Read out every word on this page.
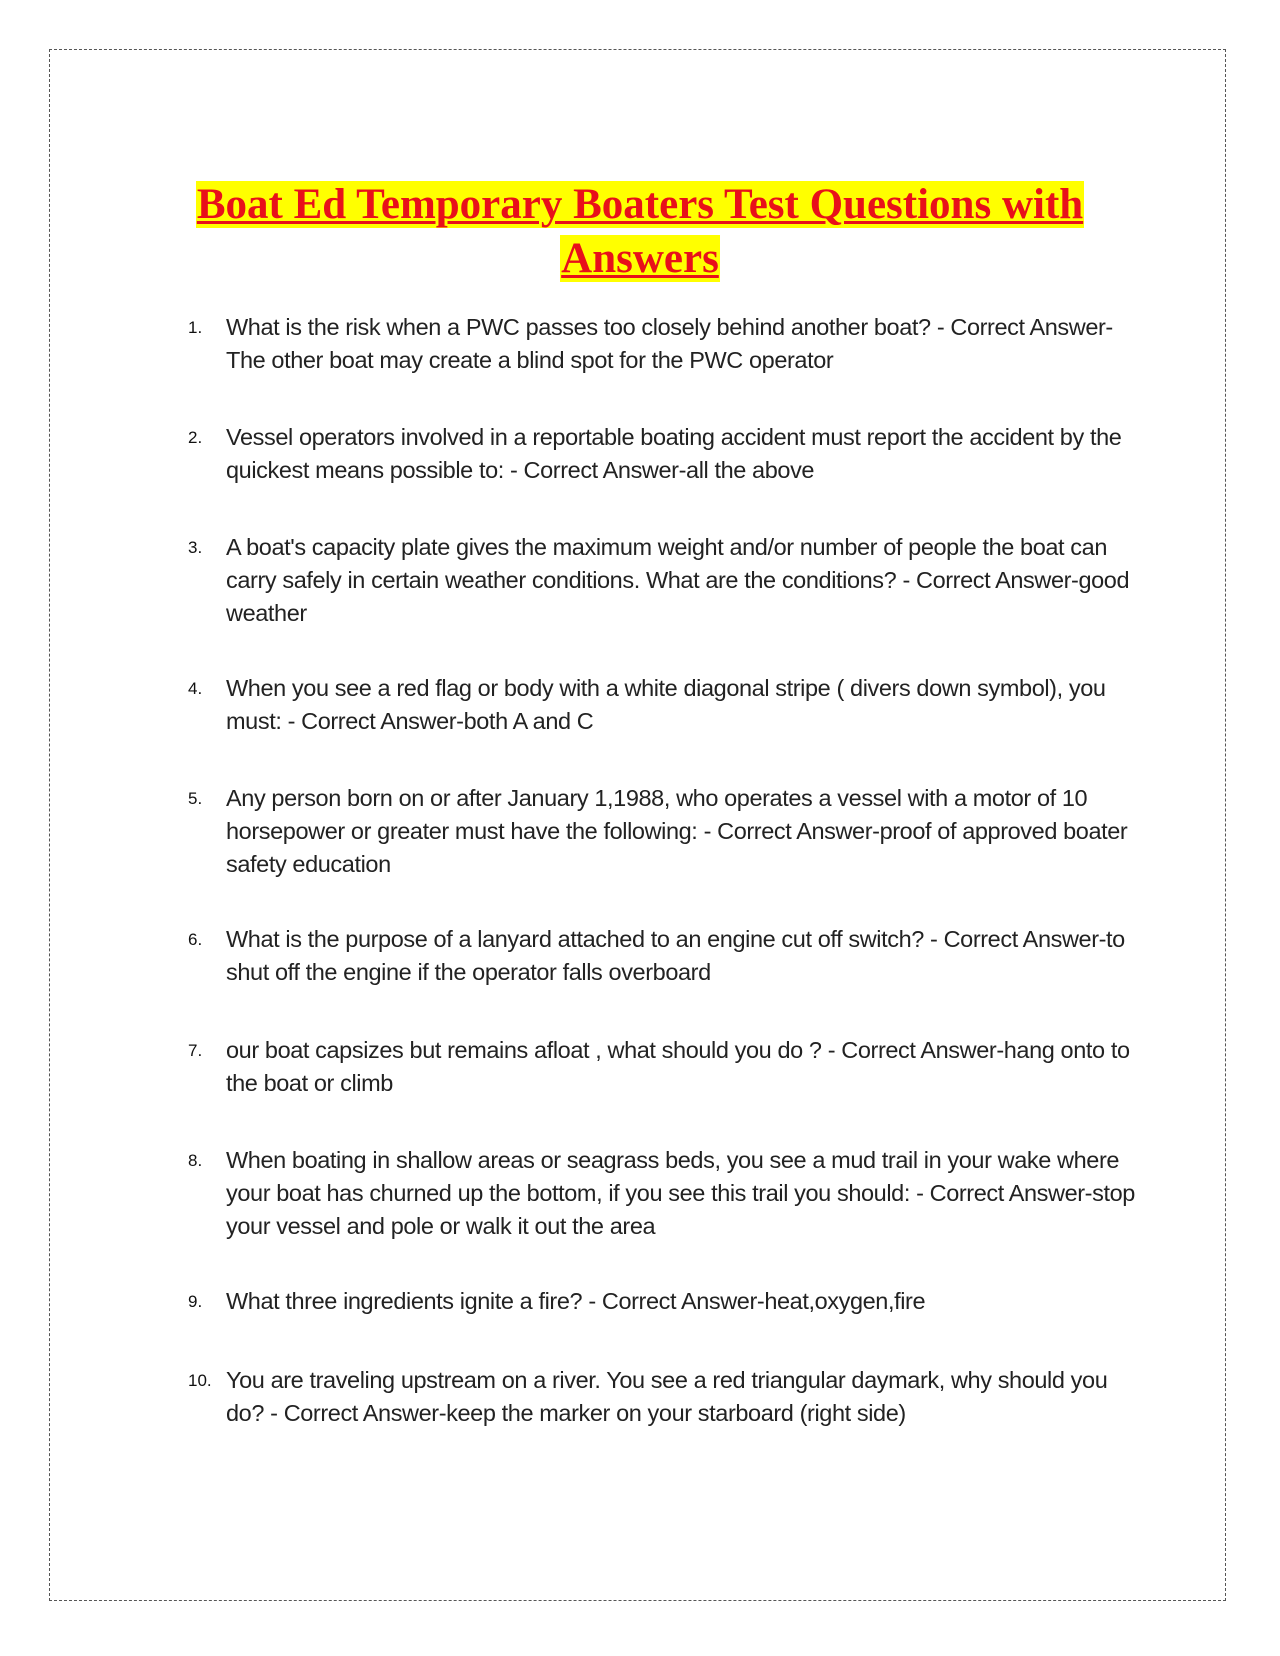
Boat Ed Temporary Boaters Test Questions with Answers
1.	What is the risk when a PWC passes too closely behind another boat? - Correct Answer-The other boat may create a blind spot for the PWC operator
2.	Vessel operators involved in a reportable boating accident must report the accident by the quickest means possible to: - Correct Answer-all the above
3.	A boat's capacity plate gives the maximum weight and/or number of people the boat can carry safely in certain weather conditions. What are the conditions? - Correct Answer-good weather
4.	When you see a red flag or body with a white diagonal stripe ( divers down symbol), you must: - Correct Answer-both A and C
5.	Any person born on or after January 1,1988, who operates a vessel with a motor of 10 horsepower or greater must have the following: - Correct Answer-proof of approved boater safety education
6.	What is the purpose of a lanyard attached to an engine cut off switch? - Correct Answer-to shut off the engine if the operator falls overboard
7.	our boat capsizes but remains afloat , what should you do ? - Correct Answer-hang onto to the boat or climb
8.	When boating in shallow areas or seagrass beds, you see a mud trail in your wake where your boat has churned up the bottom, if you see this trail you should: - Correct Answer-stop your vessel and pole or walk it out the area
9.	What three ingredients ignite a fire? - Correct Answer-heat,oxygen,fire
10. You are traveling upstream on a river. You see a red triangular daymark, why should you do? - Correct Answer-keep the marker on your starboard (right side)
